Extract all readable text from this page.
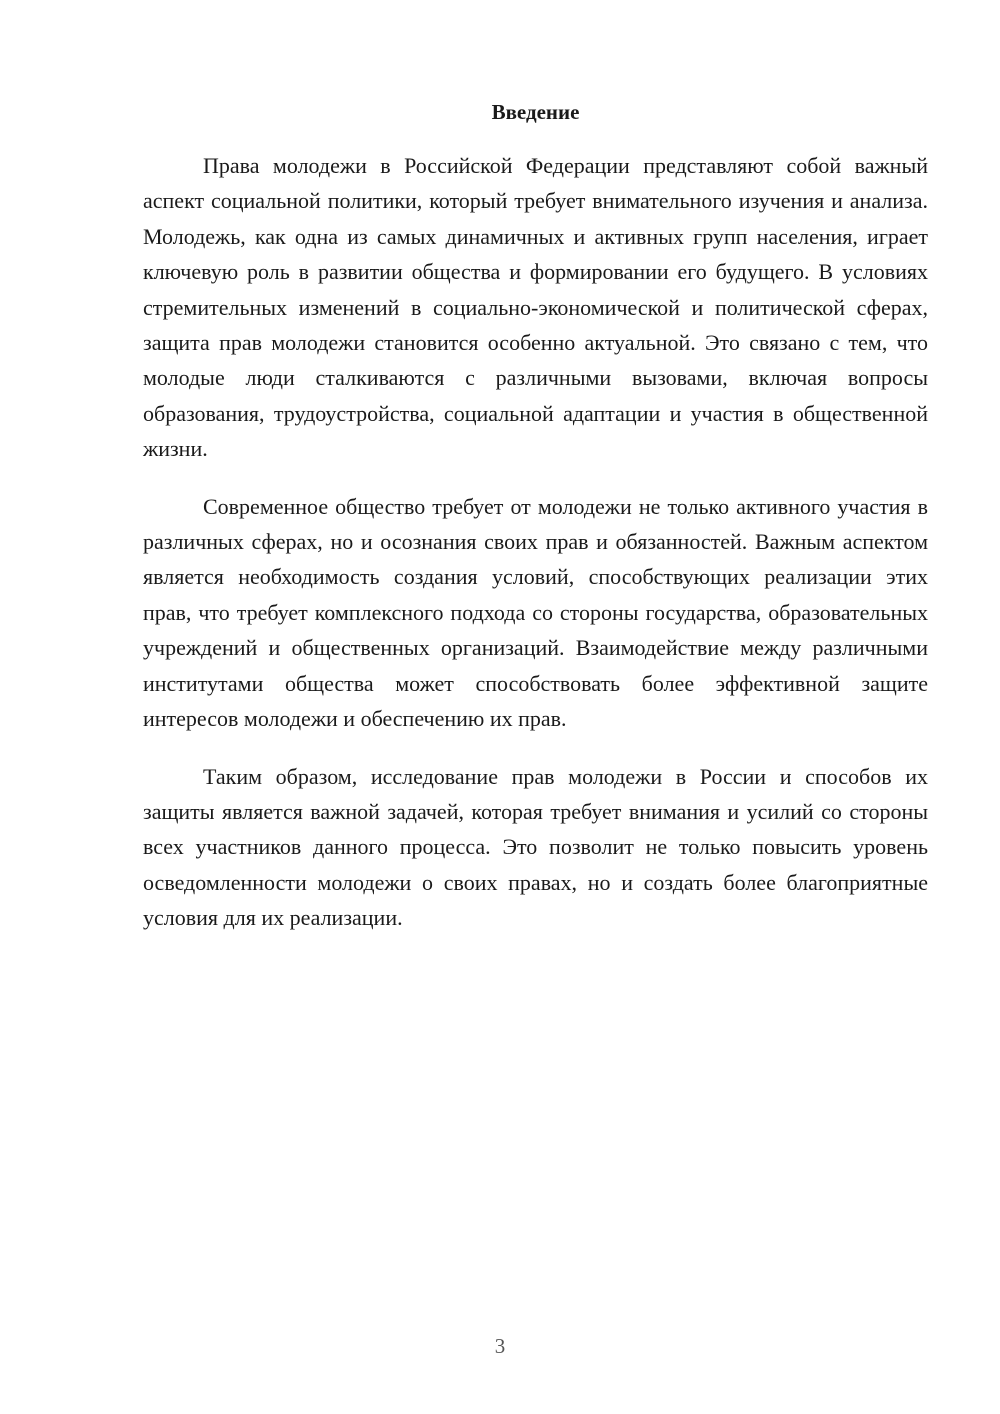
Введение

Права молодежи в Российской Федерации представляют собой важный аспект социальной политики, который требует внимательного изучения и анализа. Молодежь, как одна из самых динамичных и активных групп населения, играет ключевую роль в развитии общества и формировании его будущего. В условиях стремительных изменений в социально-экономической и политической сферах, защита прав молодежи становится особенно актуальной. Это связано с тем, что молодые люди сталкиваются с различными вызовами, включая вопросы образования, трудоустройства, социальной адаптации и участия в общественной жизни.

Современное общество требует от молодежи не только активного участия в различных сферах, но и осознания своих прав и обязанностей. Важным аспектом является необходимость создания условий, способствующих реализации этих прав, что требует комплексного подхода со стороны государства, образовательных учреждений и общественных организаций. Взаимодействие между различными институтами общества может способствовать более эффективной защите интересов молодежи и обеспечению их прав.

Таким образом, исследование прав молодежи в России и способов их защиты является важной задачей, которая требует внимания и усилий со стороны всех участников данного процесса. Это позволит не только повысить уровень осведомленности молодежи о своих правах, но и создать более благоприятные условия для их реализации.

3
